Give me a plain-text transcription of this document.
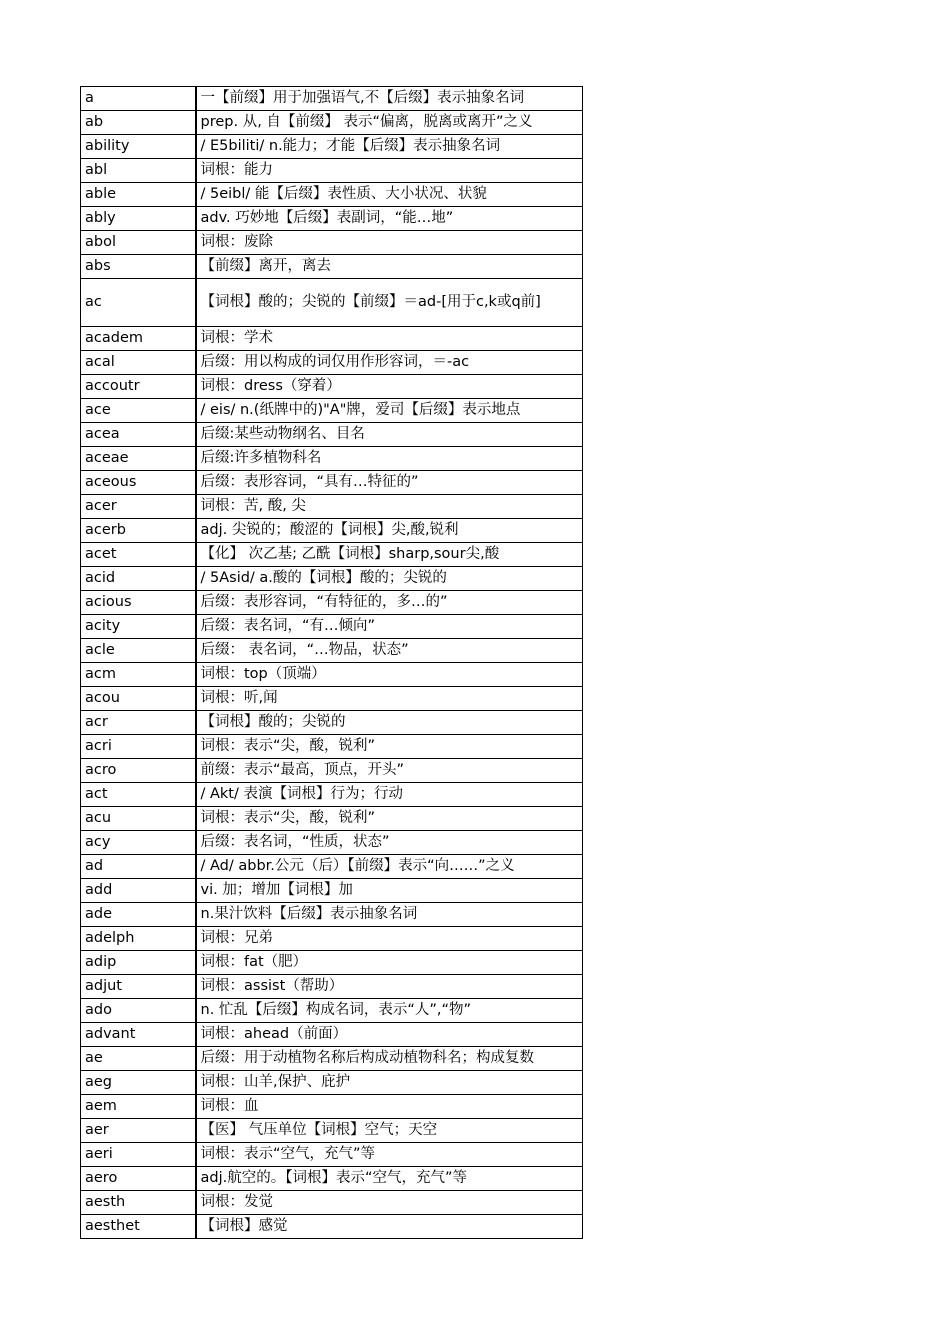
a	一【前缀】用于加强语气,不【后缀】表示抽象名词
ab	prep. 从, 自【前缀】 表示“偏离，脱离或离开”之义
ability	/ E5biliti/ n.能力；才能【后缀】表示抽象名词
abl	词根：能力
able	/ 5eibl/ 能【后缀】表性质、大小状况、状貌
ably	adv. 巧妙地【后缀】表副词，“能…地”
abol	词根：废除
abs	【前缀】离开，离去
ac	【词根】酸的；尖锐的【前缀】＝ad-[用于c,k或q前]
academ	词根：学术
acal	后缀：用以构成的词仅用作形容词，＝-ac
accoutr	词根：dress（穿着）
ace	/ eis/ n.(纸牌中的)"A"牌，爱司【后缀】表示地点
acea	后缀:某些动物纲名、目名
aceae	后缀:许多植物科名
aceous	后缀：表形容词，“具有…特征的”
acer	词根：苦, 酸, 尖
acerb	adj. 尖锐的；酸涩的【词根】尖,酸,锐利
acet	【化】 次乙基; 乙酰【词根】sharp,sour尖,酸
acid	/ 5Asid/ a.酸的【词根】酸的；尖锐的
acious	后缀：表形容词，“有特征的，多…的”
acity	后缀：表名词，“有…倾向”
acle	后缀： 表名词，“…物品，状态”
acm	词根：top（顶端）
acou	词根：听,闻
acr	【词根】酸的；尖锐的
acri	词根：表示“尖，酸，锐利”
acro	前缀：表示“最高，顶点，开头”
act	/ Akt/ 表演【词根】行为；行动
acu	词根：表示“尖，酸，锐利”
acy	后缀：表名词，“性质，状态”
ad	/ Ad/ abbr.公元（后）【前缀】表示“向……”之义
add	vi. 加；增加【词根】加
ade	n.果汁饮料【后缀】表示抽象名词
adelph	词根：兄弟
adip	词根：fat（肥）
adjut	词根：assist（帮助）
ado	n. 忙乱【后缀】构成名词，表示“人”,“物”
advant	词根：ahead（前面）
ae	后缀：用于动植物名称后构成动植物科名；构成复数
aeg	词根：山羊,保护、庇护
aem	词根：血
aer	【医】 气压单位【词根】空气；天空
aeri	词根：表示“空气，充气”等
aero	adj.航空的。【词根】表示“空气，充气”等
aesth	词根：发觉
aesthet	【词根】感觉
